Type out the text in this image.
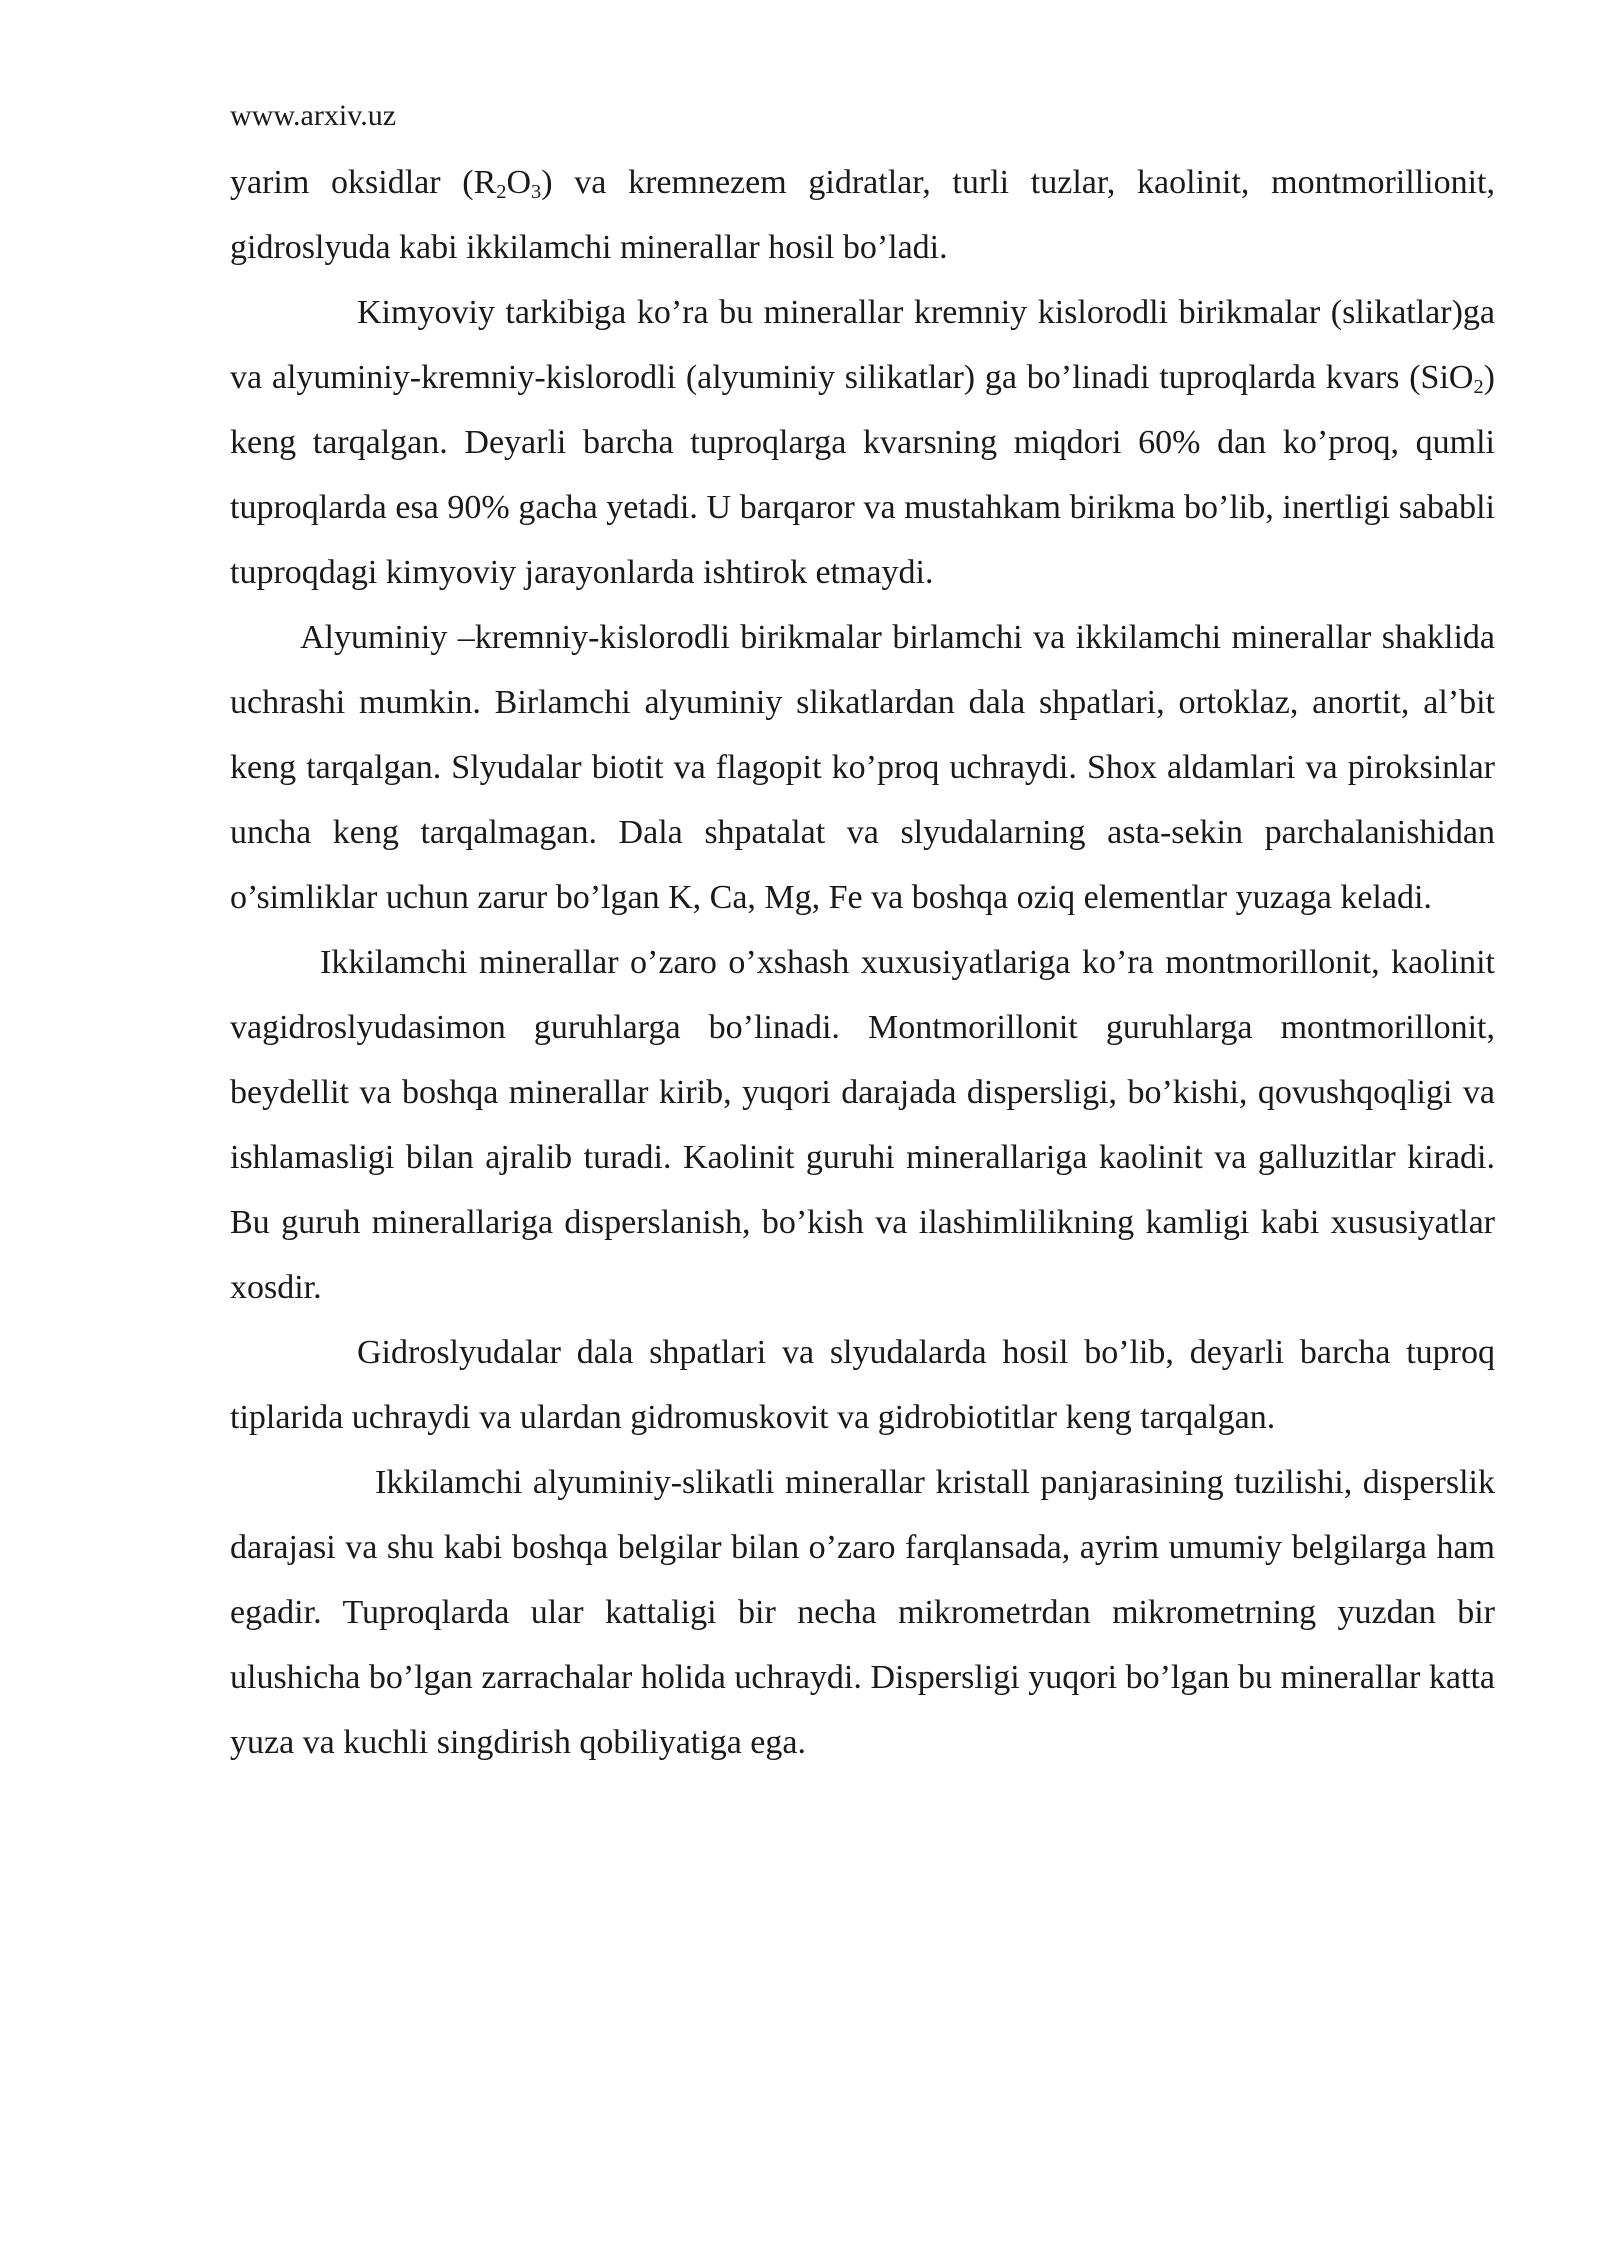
www.arxiv.uz

yarim oksidlar $(R_2O_3)$ va kremnezem gidratlar, turli tuzlar, kaolinit, montmorillionit, gidroslyuda kabi ikkilamchi minerallar hosil bo’ladi.

Kimyoviy tarkibiga ko’ra bu minerallar kremniy kislorodli birikmalar (slikatlar)ga va alyuminiy-kremniy-kislorodli (alyuminiy silikatlar) ga bo’linadi tuproqlarda kvars (SiO$_2$) keng tarqalgan. Deyarli barcha tuproqlarga kvarsning miqdori 60% dan ko’proq, qumli tuproqlarda esa 90% gacha yetadi. U barqaror va mustahkam birikma bo’lib, inertligi sababli tuproqdagi kimyoviy jarayonlarda ishtirok etmaydi.

Alyuminiy –kremniy-kislorodli birikmalar birlamchi va ikkilamchi minerallar shaklida uchrashi mumkin. Birlamchi alyuminiy slikatlardan dala shpatlari, ortoklaz, anortit, al’bit keng tarqalgan. Slyudalar biotit va flagopit ko’proq uchraydi. Shox aldamlari va piroksinlar uncha keng tarqalmagan. Dala shpatalat va slyudalarning asta-sekin parchalanishidan o’simliklar uchun zarur bo’lgan K, Ca, Mg, Fe va boshqa oziq elementlar yuzaga keladi.

Ikkilamchi minerallar o’zaro o’xshash xuxusiyatlariga ko’ra montmorillonit, kaolinit vagidroslyudasimon guruhlarga bo’linadi. Montmorillonit guruhlarga montmorillonit, beydellit va boshqa minerallar kirib, yuqori darajada dispersligi, bo’kishi, qovushqoqligi va ishlamasligi bilan ajralib turadi. Kaolinit guruhi minerallariga kaolinit va galluzitlar kiradi. Bu guruh minerallariga disperslanish, bo’kish va ilashimlilikning kamligi kabi xususiyatlar xosdir.

Gidroslyudalar dala shpatlari va slyudalarda hosil bo’lib, deyarli barcha tuproq tiplarida uchraydi va ulardan gidromuskovit va gidrobiotitlar keng tarqalgan.

Ikkilamchi alyuminiy-slikatli minerallar kristall panjarasining tuzilishi, disperslik darajasi va shu kabi boshqa belgilar bilan o’zaro farqlansada, ayrim umumiy belgilarga ham egadir. Tuproqlarda ular kattaligi bir necha mikrometrdan mikrometrning yuzdan bir ulushicha bo’lgan zarrachalar holida uchraydi. Dispersligi yuqori bo’lgan bu minerallar katta yuza va kuchli singdirish qobiliyatiga ega.
